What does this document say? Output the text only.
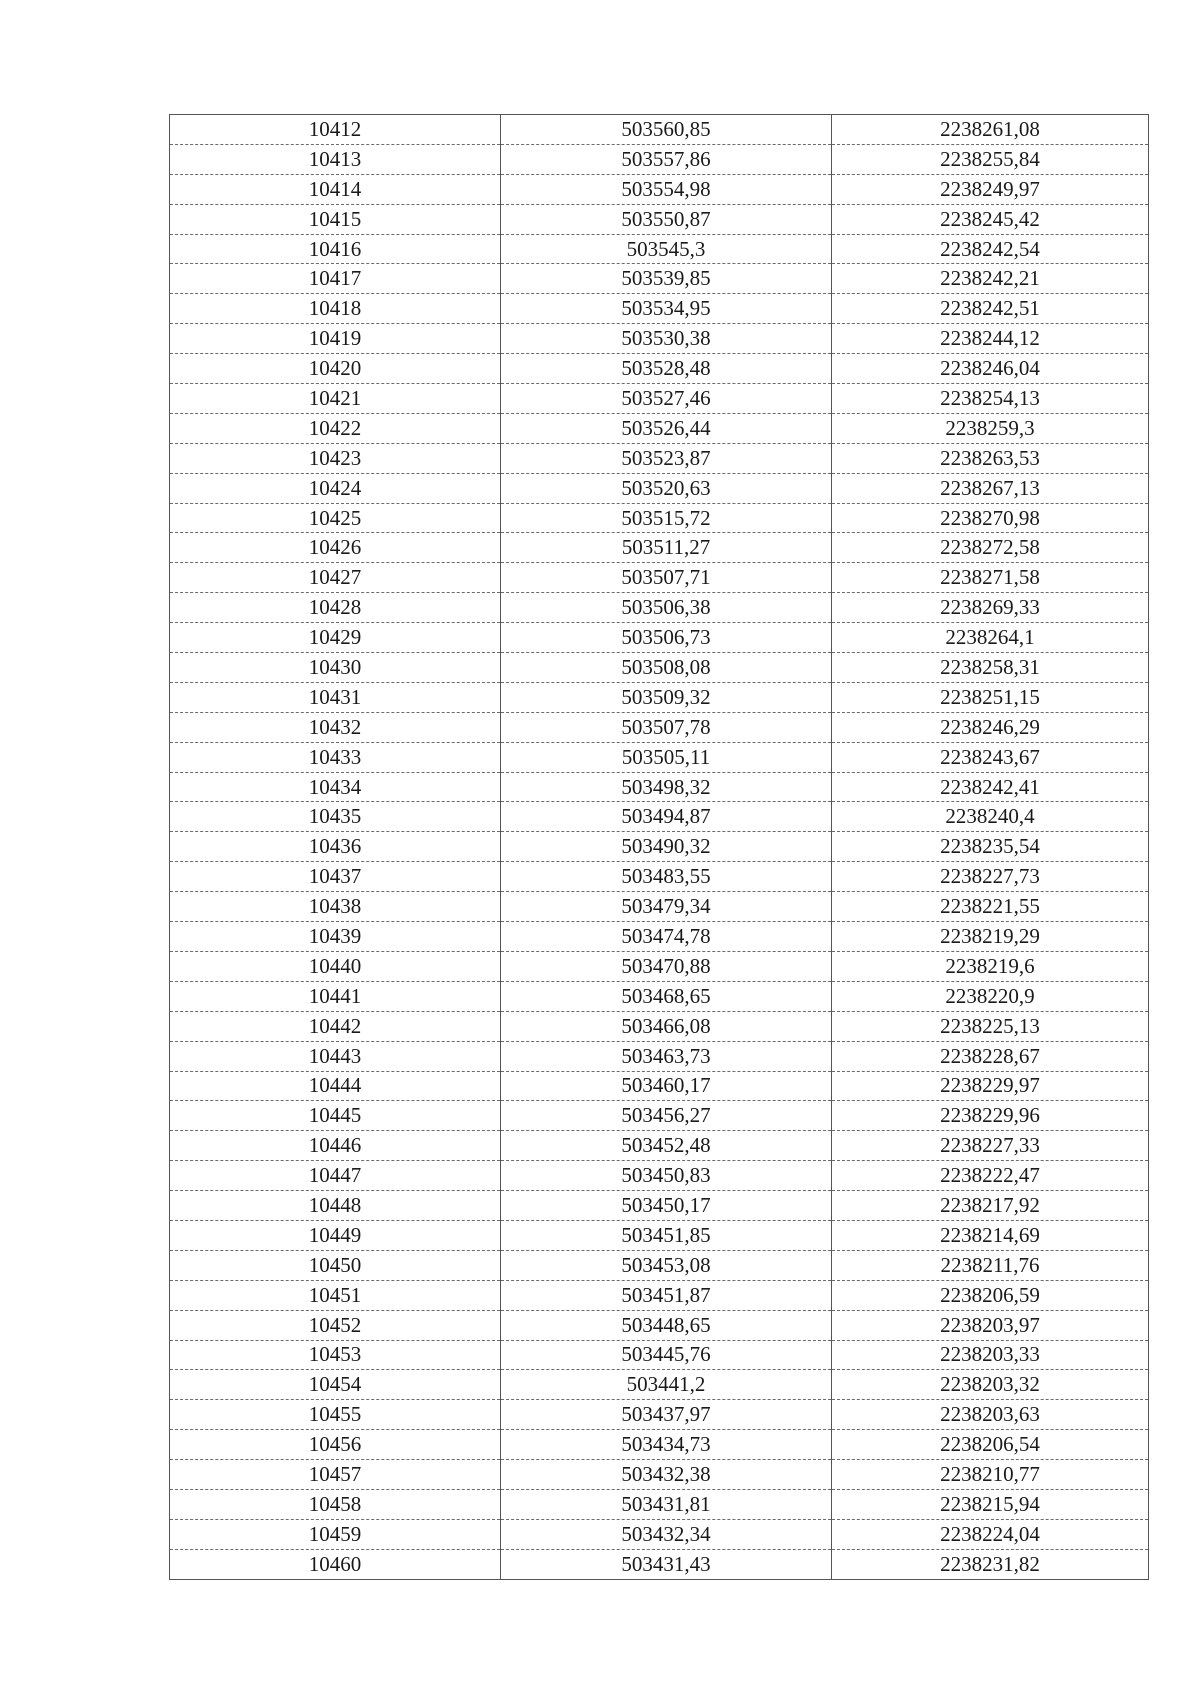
10412	503560,85	2238261,08
10413	503557,86	2238255,84
10414	503554,98	2238249,97
10415	503550,87	2238245,42
10416	503545,3	2238242,54
10417	503539,85	2238242,21
10418	503534,95	2238242,51
10419	503530,38	2238244,12
10420	503528,48	2238246,04
10421	503527,46	2238254,13
10422	503526,44	2238259,3
10423	503523,87	2238263,53
10424	503520,63	2238267,13
10425	503515,72	2238270,98
10426	503511,27	2238272,58
10427	503507,71	2238271,58
10428	503506,38	2238269,33
10429	503506,73	2238264,1
10430	503508,08	2238258,31
10431	503509,32	2238251,15
10432	503507,78	2238246,29
10433	503505,11	2238243,67
10434	503498,32	2238242,41
10435	503494,87	2238240,4
10436	503490,32	2238235,54
10437	503483,55	2238227,73
10438	503479,34	2238221,55
10439	503474,78	2238219,29
10440	503470,88	2238219,6
10441	503468,65	2238220,9
10442	503466,08	2238225,13
10443	503463,73	2238228,67
10444	503460,17	2238229,97
10445	503456,27	2238229,96
10446	503452,48	2238227,33
10447	503450,83	2238222,47
10448	503450,17	2238217,92
10449	503451,85	2238214,69
10450	503453,08	2238211,76
10451	503451,87	2238206,59
10452	503448,65	2238203,97
10453	503445,76	2238203,33
10454	503441,2	2238203,32
10455	503437,97	2238203,63
10456	503434,73	2238206,54
10457	503432,38	2238210,77
10458	503431,81	2238215,94
10459	503432,34	2238224,04
10460	503431,43	2238231,82
